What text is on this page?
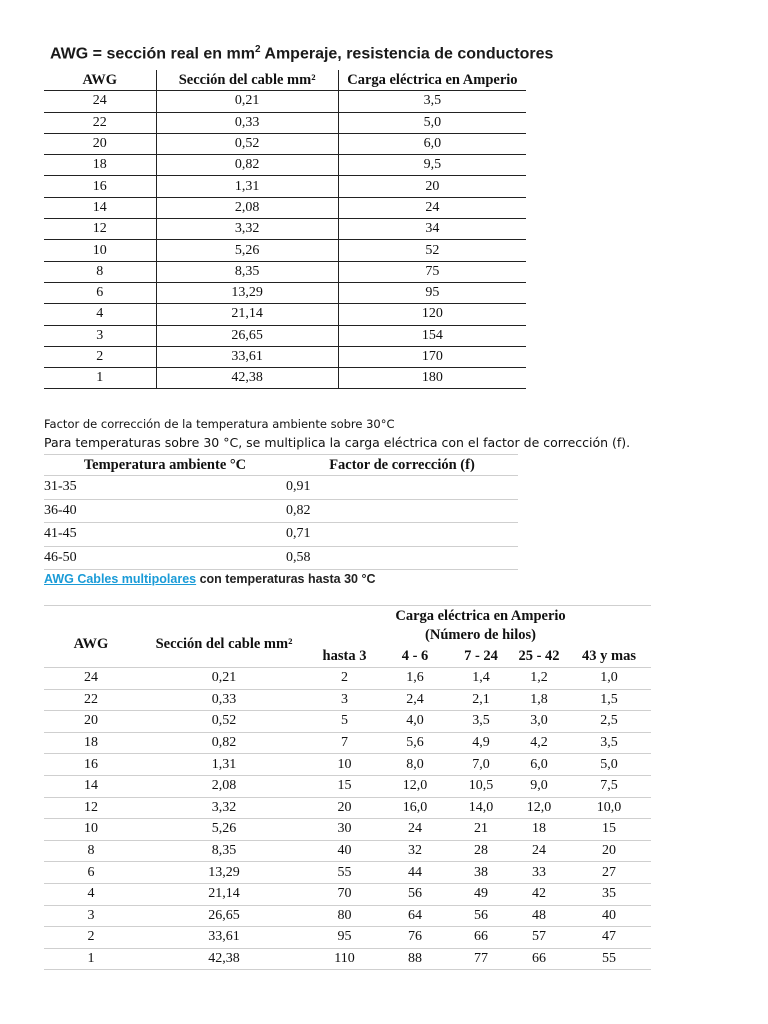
AWG = sección real en $mm^2$ Amperaje, resistencia de conductores
AWG	Sección del cable mm²	Carga eléctrica en Amperio
24	0,21	3,5
22	0,33	5,0
20	0,52	6,0
18	0,82	9,5
16	1,31	20
14	2,08	24
12	3,32	34
10	5,26	52
8	8,35	75
6	13,29	95
4	21,14	120
3	26,65	154
2	33,61	170
1	42,38	180
Factor de corrección de la temperatura ambiente sobre 30°C
Para temperaturas sobre 30 °C, se multiplica la carga eléctrica con el factor de corrección (f).
Temperatura ambiente °C	Factor de corrección (f)
31-35	0,91
36-40	0,82
41-45	0,71
46-50	0,58
AWG Cables multipolares con temperaturas hasta 30 °C
AWG	Sección del cable mm²	Carga eléctrica en Amperio
(Número de hilos)				

		hasta 3	4 - 6	7 - 24	25 - 42	43 y mas
24	0,21	2	1,6	1,4	1,2	1,0
22	0,33	3	2,4	2,1	1,8	1,5
20	0,52	5	4,0	3,5	3,0	2,5
18	0,82	7	5,6	4,9	4,2	3,5
16	1,31	10	8,0	7,0	6,0	5,0
14	2,08	15	12,0	10,5	9,0	7,5
12	3,32	20	16,0	14,0	12,0	10,0
10	5,26	30	24	21	18	15
8	8,35	40	32	28	24	20
6	13,29	55	44	38	33	27
4	21,14	70	56	49	42	35
3	26,65	80	64	56	48	40
2	33,61	95	76	66	57	47
1	42,38	110	88	77	66	55
